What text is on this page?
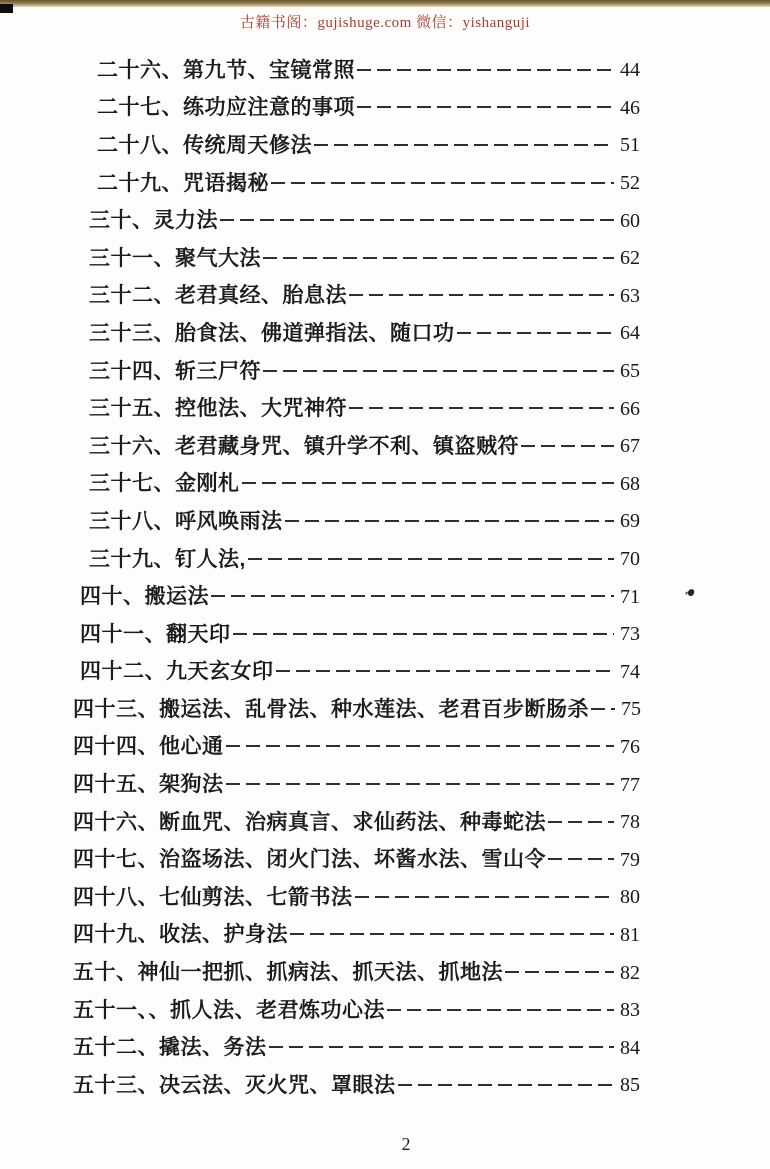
古籍书阁：gujishuge.com 微信：yishanguji
二十六、第九节、宝镜常照	44
二十七、练功应注意的事项	46
二十八、传统周天修法	51
二十九、咒语揭秘	52
三十、灵力法	60
三十一、聚气大法	62
三十二、老君真经、胎息法	63
三十三、胎食法、佛道弹指法、随口功	64
三十四、斩三尸符	65
三十五、控他法、大咒神符	66
三十六、老君藏身咒、镇升学不利、镇盗贼符	67
三十七、金刚札	68
三十八、呼风唤雨法	69
三十九、钉人法,	70
四十、搬运法	71
四十一、翻天印	73
四十二、九天玄女印	74
四十三、搬运法、乱骨法、种水莲法、老君百步断肠杀	75
四十四、他心通	76
四十五、架狗法	77
四十六、断血咒、治病真言、求仙药法、种毒蛇法	78
四十七、治盗场法、闭火门法、坏酱水法、雪山令	79
四十八、七仙剪法、七箭书法	80
四十九、收法、护身法	81
五十、神仙一把抓、抓病法、抓天法、抓地法	82
五十一、、抓人法、老君炼功心法	83
五十二、撬法、务法	84
五十三、决云法、灭火咒、罩眼法	85
2
